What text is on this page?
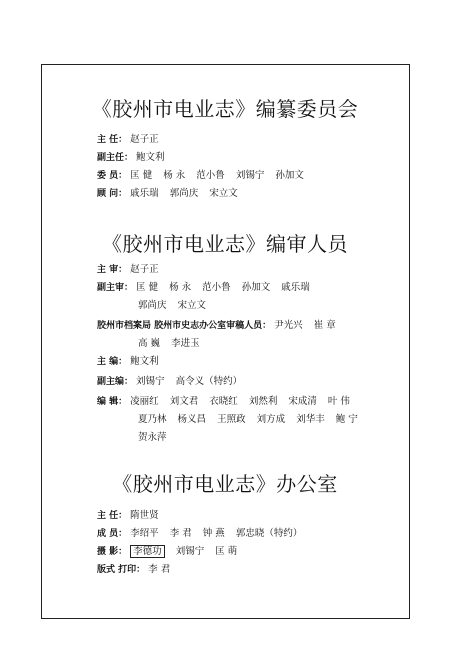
《胶州市电业志》编纂委员会
主 任： 赵子正
副主任： 鲍文利
委 员： 匡 健 杨 永 范小鲁 刘锡宁 孙加文
顾 问： 戚乐瑞 郭尚庆 宋立文
《胶州市电业志》编审人员
主 审： 赵子正
副主审： 匡 健 杨 永 范小鲁 孙加文 戚乐瑞
郭尚庆 宋立文
胶州市档案局 胶州市史志办公室审稿人员： 尹光兴 崔 章
高 巍 李进玉
主 编： 鲍文利
副主编： 刘锡宁 高令义（特约）
编 辑： 凌丽红 刘文君 衣晓红 刘然利 宋成清 叶 伟
夏乃林 杨义昌 王照政 刘方成 刘华丰 鲍 宁
贺永萍
《胶州市电业志》办公室
主 任： 隋世贤
成 员： 李绍平 李 君 钟 燕 郭忠晓（特约）
摄 影： 李德功 刘锡宁 匡 萌
版式 打印： 李 君
